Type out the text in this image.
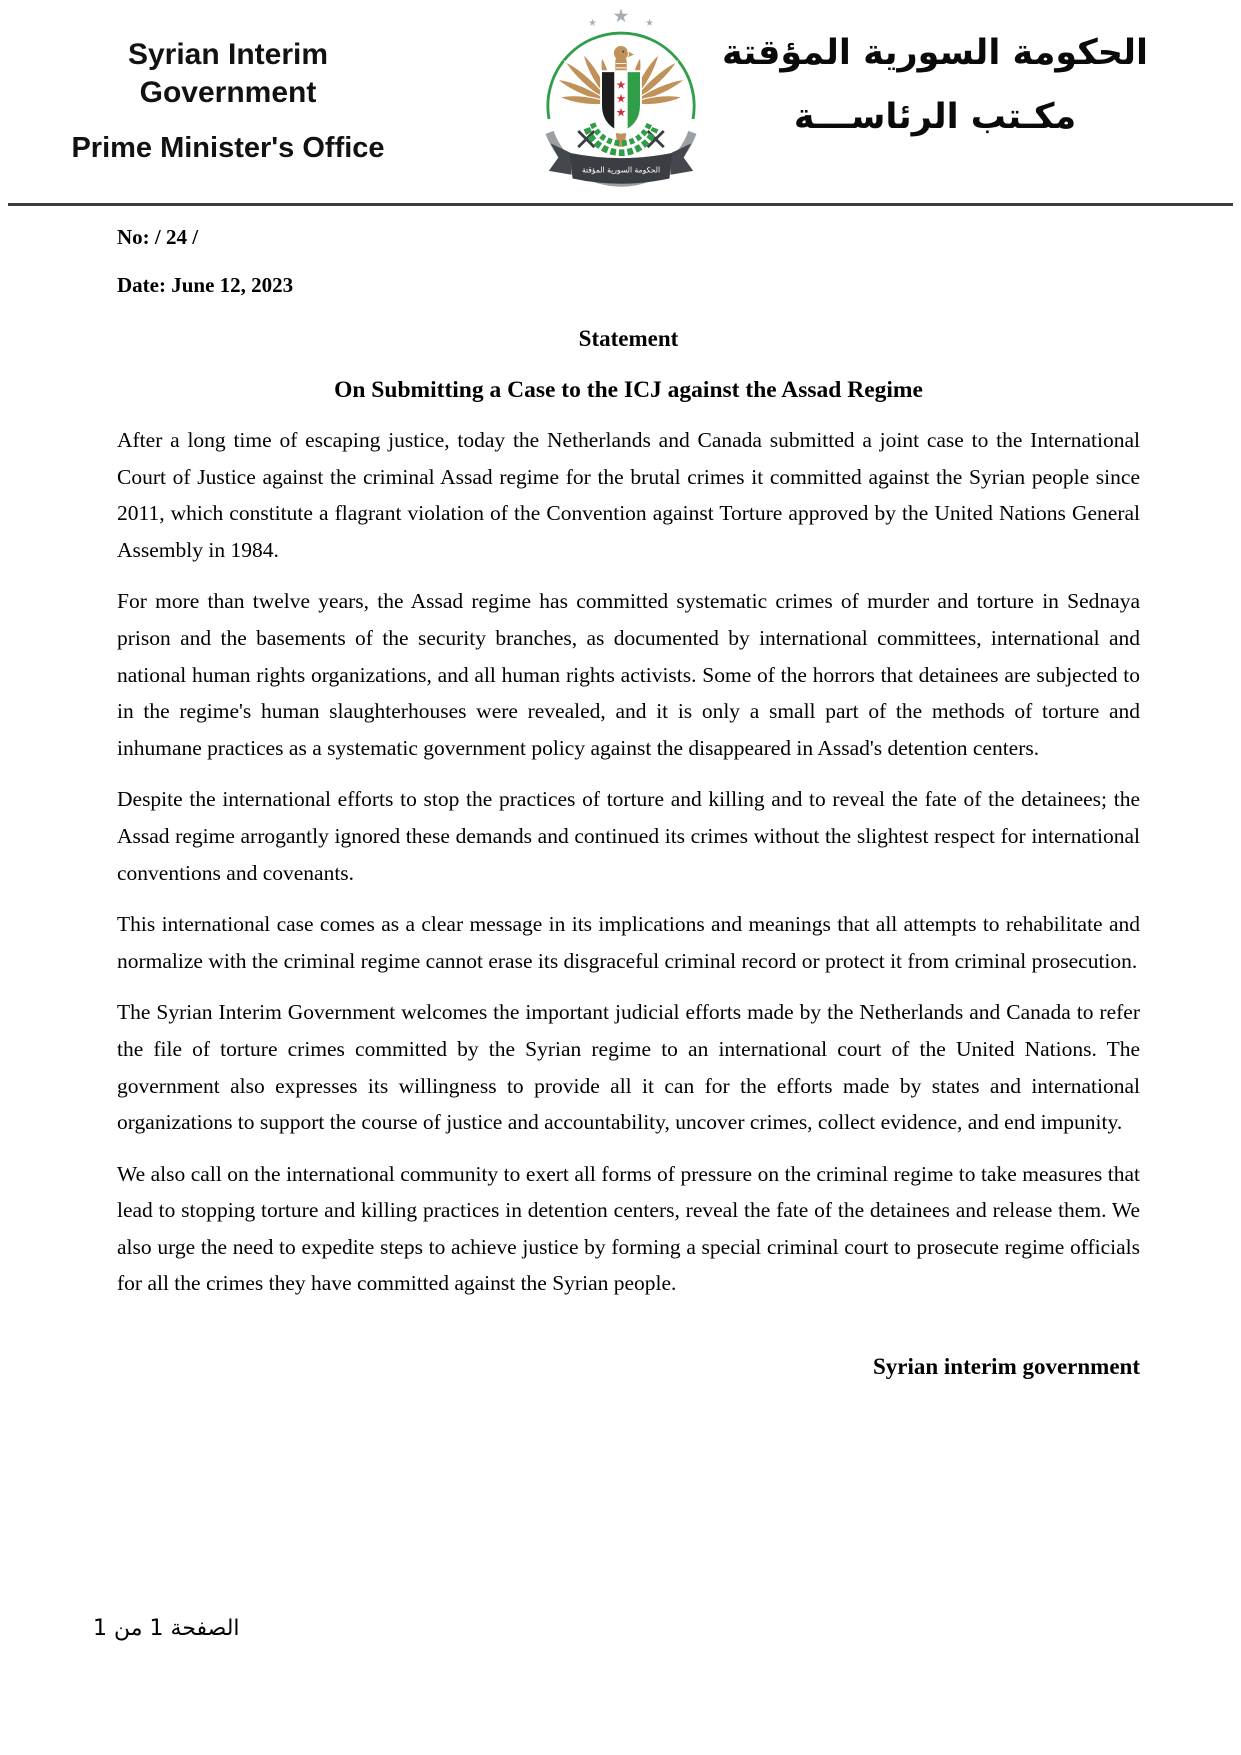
Syrian Interim Government
Prime Minister's Office
الحكومة السورية المؤقتة
الحكومة السورية المؤقتة
مكـتب الرئاســـة

No: / 24 /

Date: June 12, 2023

Statement

On Submitting a Case to the ICJ against the Assad Regime

After a long time of escaping justice, today the Netherlands and Canada submitted a joint case to the International Court of Justice against the criminal Assad regime for the brutal crimes it committed against the Syrian people since 2011, which constitute a flagrant violation of the Convention against Torture approved by the United Nations General Assembly in 1984.

For more than twelve years, the Assad regime has committed systematic crimes of murder and torture in Sednaya prison and the basements of the security branches, as documented by international committees, international and national human rights organizations, and all human rights activists. Some of the horrors that detainees are subjected to in the regime's human slaughterhouses were revealed, and it is only a small part of the methods of torture and inhumane practices as a systematic government policy against the disappeared in Assad's detention centers.

Despite the international efforts to stop the practices of torture and killing and to reveal the fate of the detainees; the Assad regime arrogantly ignored these demands and continued its crimes without the slightest respect for international conventions and covenants.

This international case comes as a clear message in its implications and meanings that all attempts to rehabilitate and normalize with the criminal regime cannot erase its disgraceful criminal record or protect it from criminal prosecution.

The Syrian Interim Government welcomes the important judicial efforts made by the Netherlands and Canada to refer the file of torture crimes committed by the Syrian regime to an international court of the United Nations. The government also expresses its willingness to provide all it can for the efforts made by states and international organizations to support the course of justice and accountability, uncover crimes, collect evidence, and end impunity.

We also call on the international community to exert all forms of pressure on the criminal regime to take measures that lead to stopping torture and killing practices in detention centers, reveal the fate of the detainees and release them. We also urge the need to expedite steps to achieve justice by forming a special criminal court to prosecute regime officials for all the crimes they have committed against the Syrian people.

Syrian interim government

الصفحة 1 من 1
